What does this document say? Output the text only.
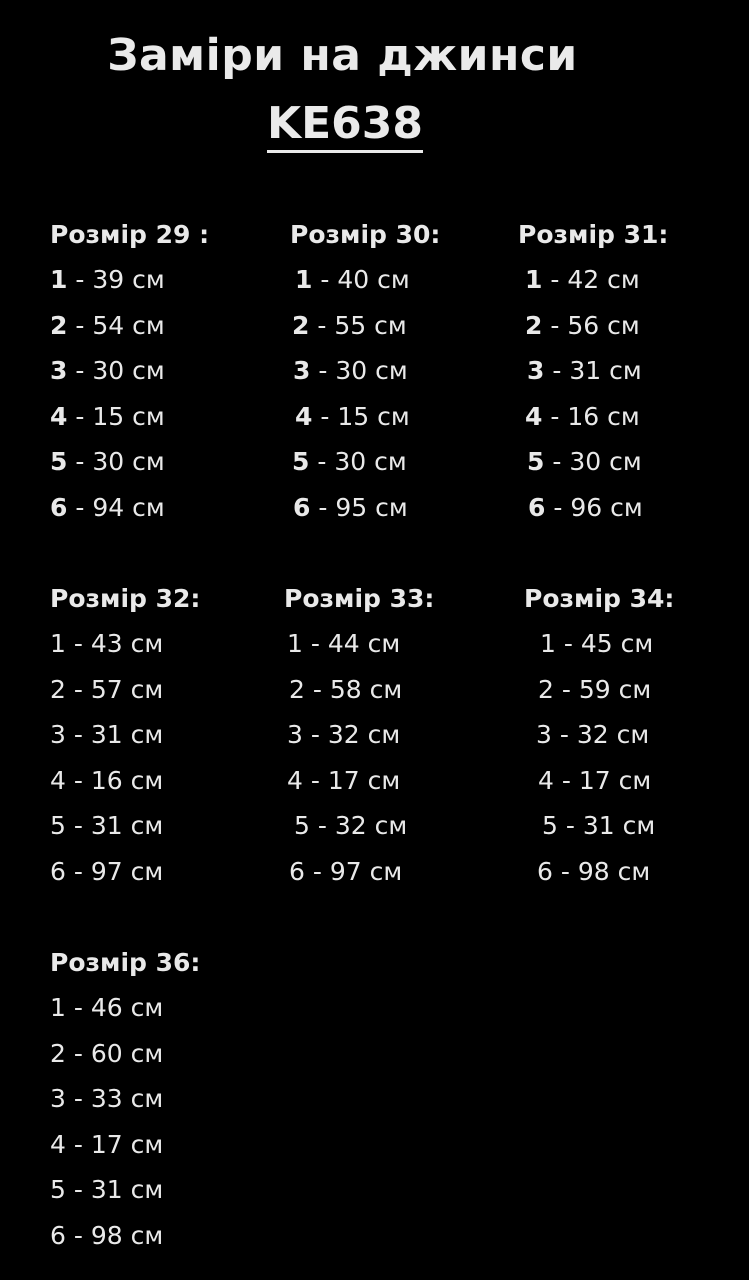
Заміри на джинси
KE638
Розмір 29 :
1 - 39 см
2 - 54 см
3 - 30 см
4 - 15 см
5 - 30 см
6 - 94 см
Розмір 30:
1 - 40 см
2 - 55 см
3 - 30 см
4 - 15 см
5 - 30 см
6 - 95 см
Розмір 31:
1 - 42 см
2 - 56 см
3 - 31 см
4 - 16 см
5 - 30 см
6 - 96 см
Розмір 32:
1 - 43 см
2 - 57 см
3 - 31 см
4 - 16 см
5 - 31 см
6 - 97 см
Розмір 33:
1 - 44 см
2 - 58 см
3 - 32 см
4 - 17 см
5 - 32 см
6 - 97 см
Розмір 34:
1 - 45 см
2 - 59 см
3 - 32 см
4 - 17 см
5 - 31 см
6 - 98 см
Розмір 36:
1 - 46 см
2 - 60 см
3 - 33 см
4 - 17 см
5 - 31 см
6 - 98 см
